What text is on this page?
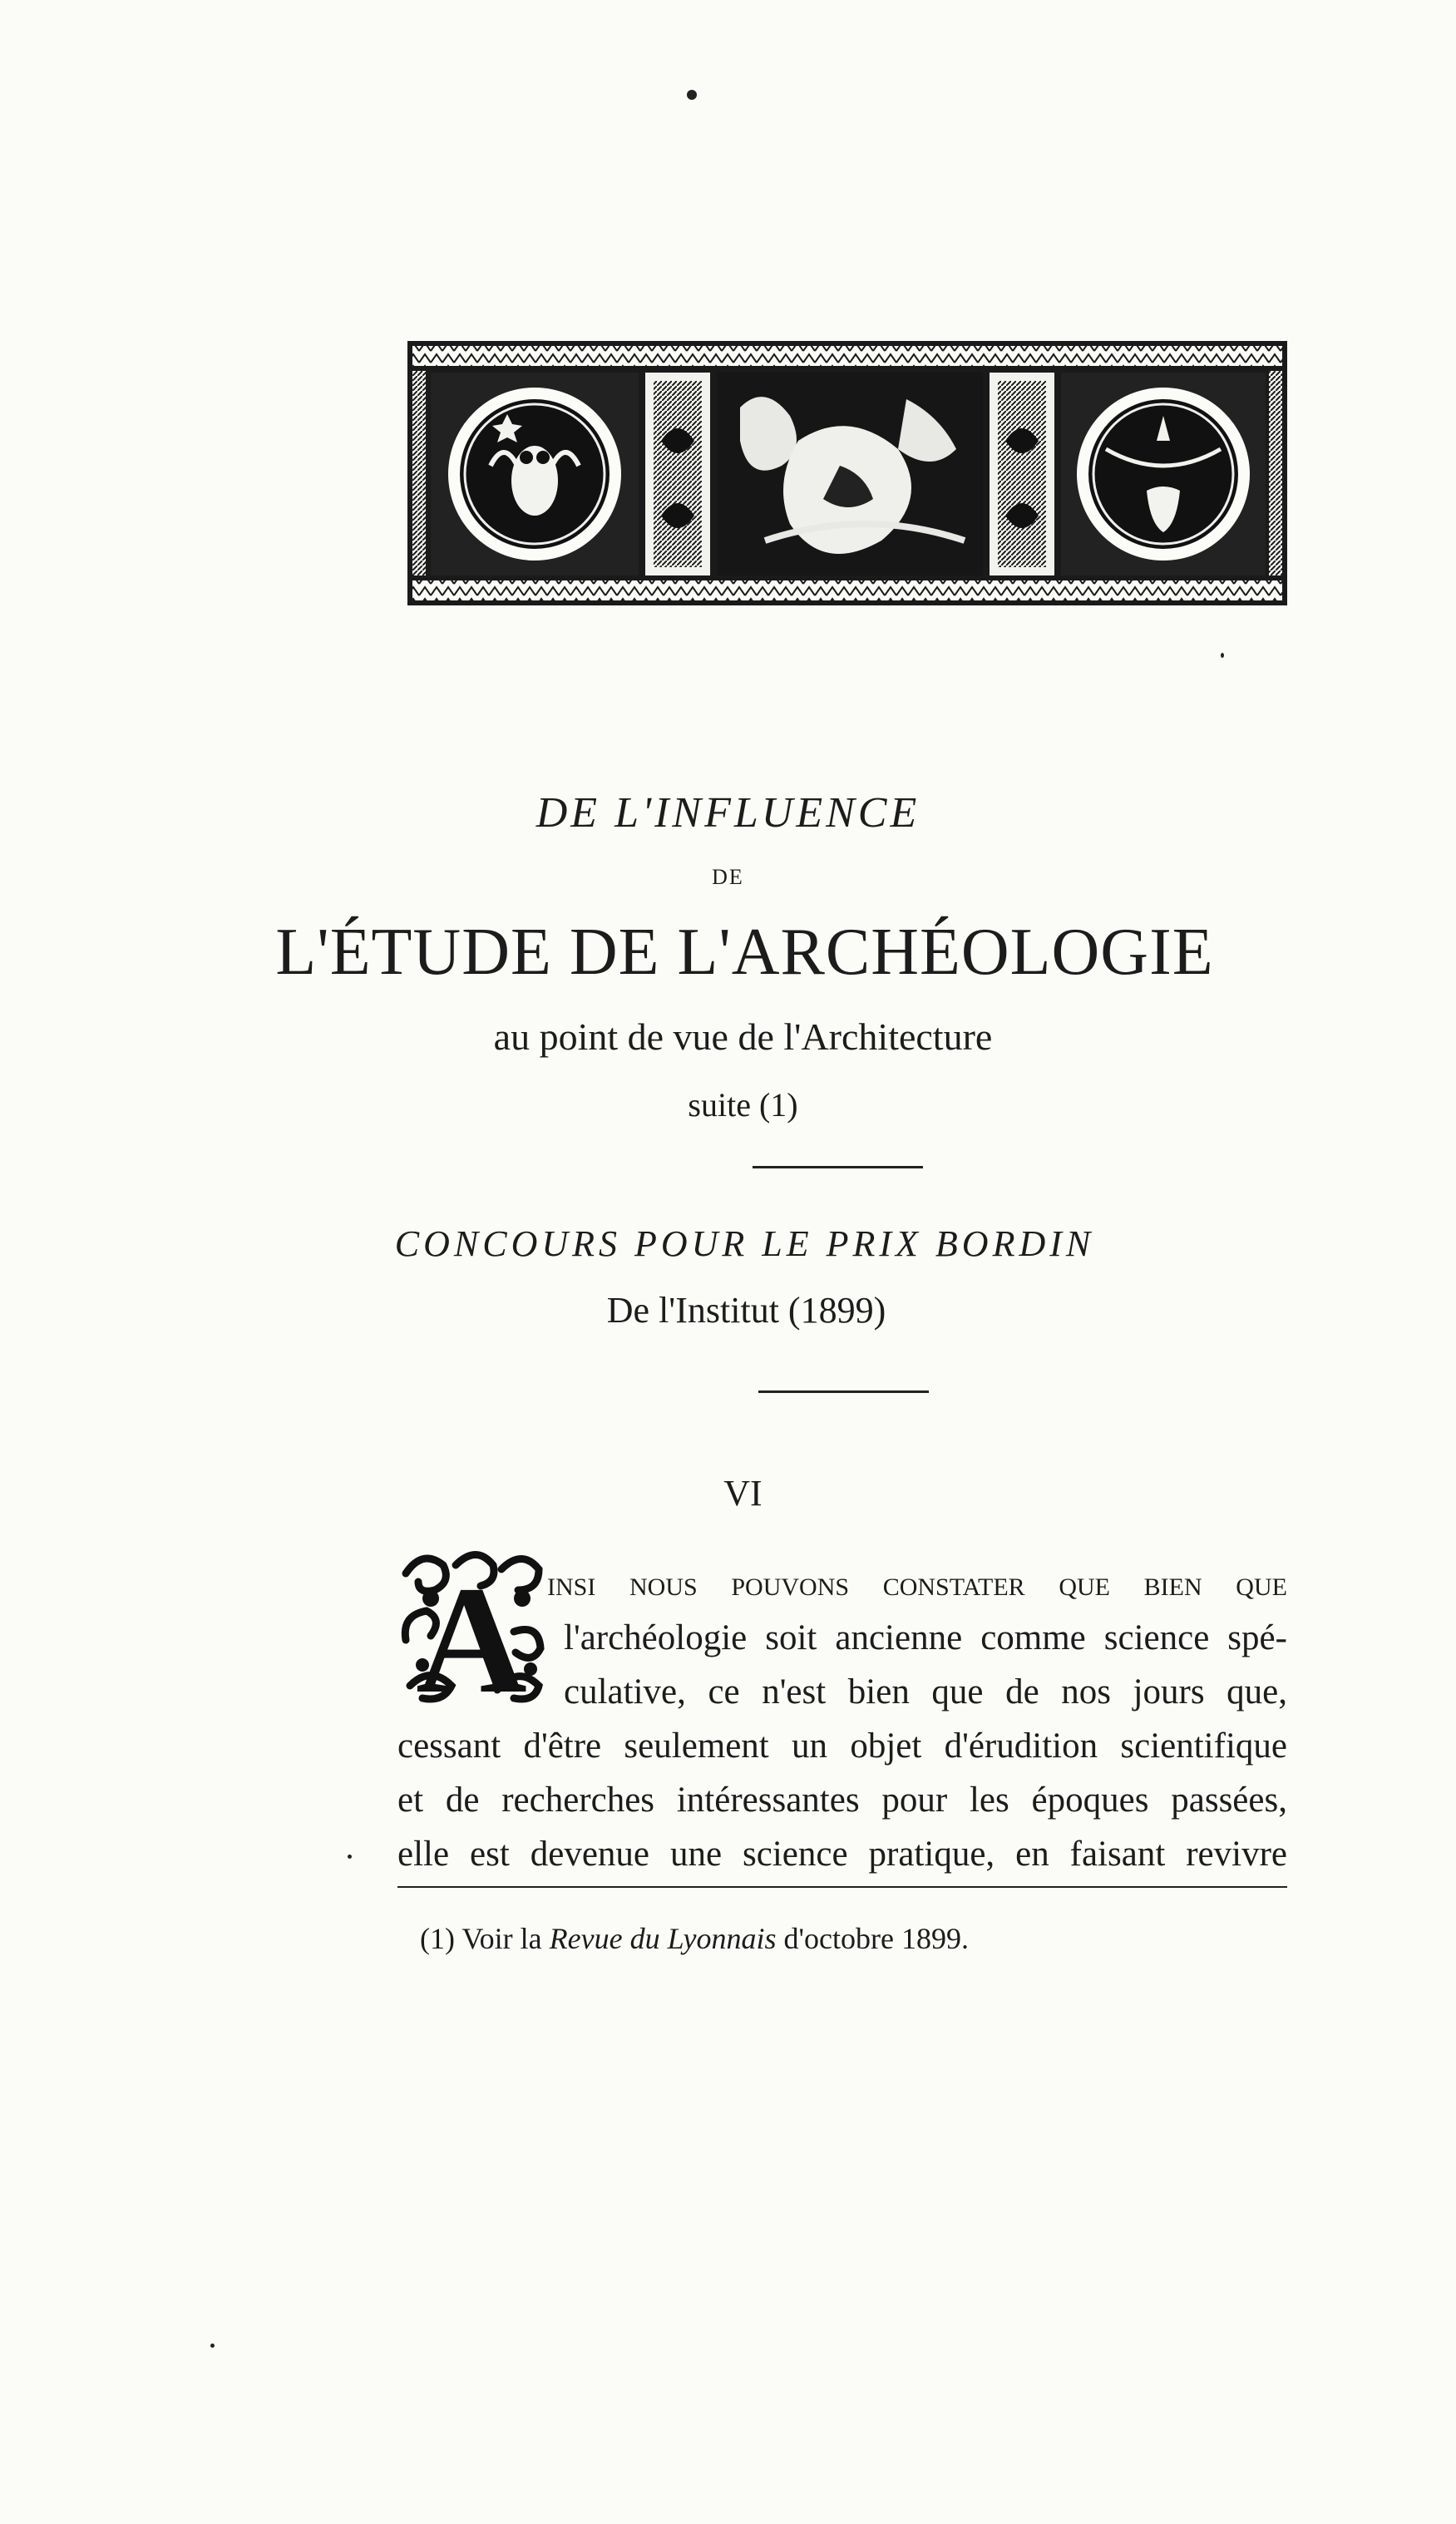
DE L'INFLUENCE
DE
L'ÉTUDE DE L'ARCHÉOLOGIE
au point de vue de l'Architecture
suite (1)
CONCOURS POUR LE PRIX BORDIN
De l'Institut (1899)
VI
A insi nous pouvons constater que bien que
l'archéologie soit ancienne comme science spé-
culative, ce n'est bien que de nos jours que,
cessant d'être seulement un objet d'érudition scientifique
et de recherches intéressantes pour les époques passées,
elle est devenue une science pratique, en faisant revivre
(1) Voir la Revue du Lyonnais d'octobre 1899.
